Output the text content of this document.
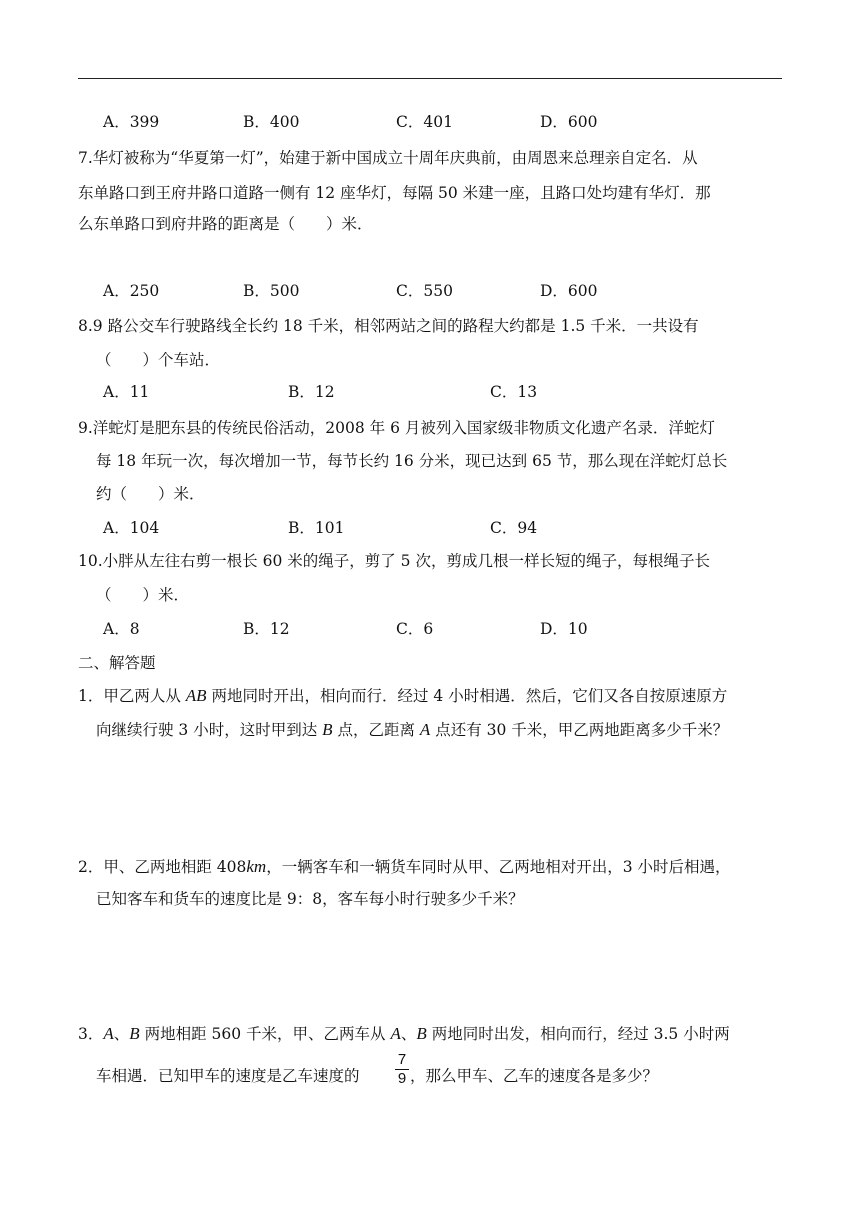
A．399	B．400	C．401	D．600
7.华灯被称为“华夏第一灯”，始建于新中国成立十周年庆典前，由周恩来总理亲自定名．从
东单路口到王府井路口道路一侧有 12 座华灯，每隔 50 米建一座，且路口处均建有华灯．那
么东单路口到府井路的距离是（　　）米．
A．250	B．500	C．550	D．600
8.9 路公交车行驶路线全长约 18 千米，相邻两站之间的路程大约都是 1.5 千米．一共设有
（　　）个车站．
A．11	B．12	C．13
9.洋蛇灯是肥东县的传统民俗活动，2008 年 6 月被列入国家级非物质文化遗产名录．洋蛇灯
每 18 年玩一次，每次增加一节，每节长约 16 分米，现已达到 65 节，那么现在洋蛇灯总长
约（　　）米．
A．104	B．101	C．94
10.小胖从左往右剪一根长 60 米的绳子，剪了 5 次，剪成几根一样长短的绳子，每根绳子长
（　　）米．
A．8	B．12	C．6	D．10
二、解答题
1．甲乙两人从 AB 两地同时开出，相向而行．经过 4 小时相遇．然后，它们又各自按原速原方
向继续行驶 3 小时，这时甲到达 B 点，乙距离 A 点还有 30 千米，甲乙两地距离多少千米？
2．甲、乙两地相距 408km，一辆客车和一辆货车同时从甲、乙两地相对开出，3 小时后相遇，
已知客车和货车的速度比是 9：8，客车每小时行驶多少千米？
3．A、B 两地相距 560 千米，甲、乙两车从 A、B 两地同时出发，相向而行，经过 3.5 小时两
车相遇．已知甲车的速度是乙车速度的
7
9 ，那么甲车、乙车的速度各是多少？
